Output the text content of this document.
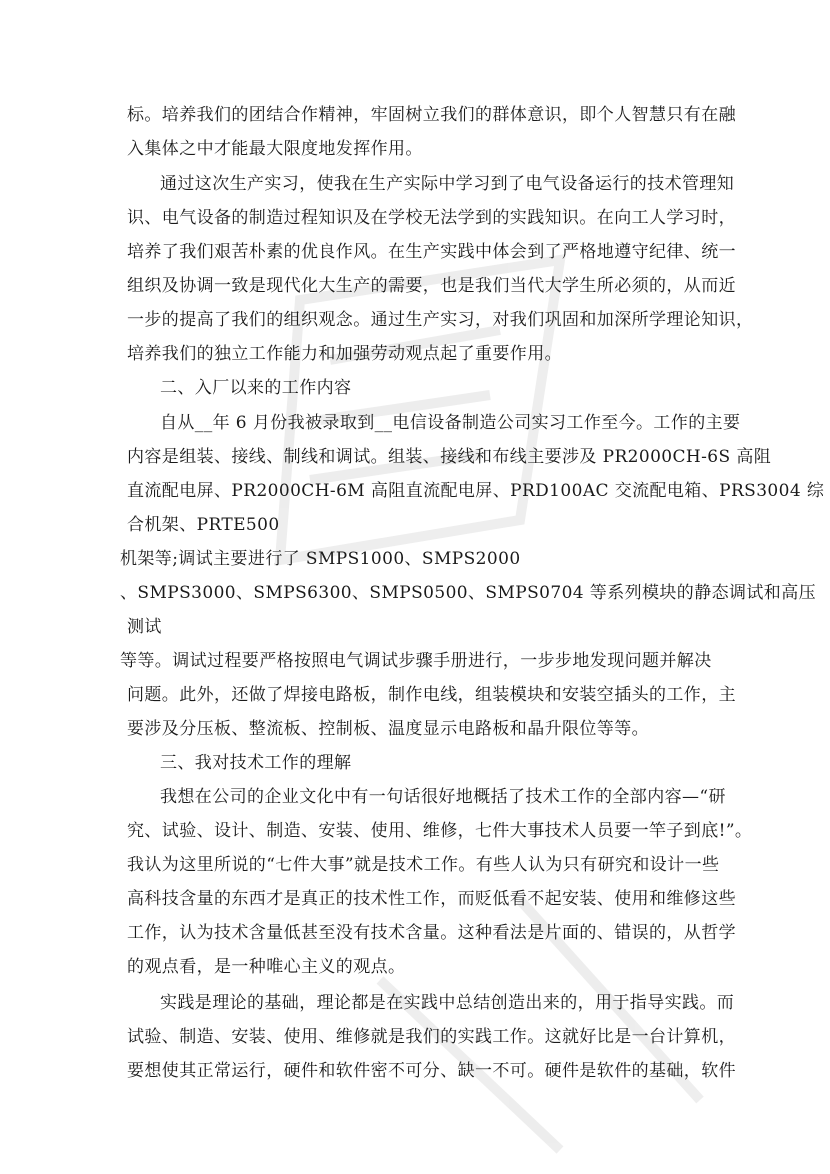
标。培养我们的团结合作精神，牢固树立我们的群体意识，即个人智慧只有在融
入集体之中才能最大限度地发挥作用。
通过这次生产实习，使我在生产实际中学习到了电气设备运行的技术管理知
识、电气设备的制造过程知识及在学校无法学到的实践知识。在向工人学习时，
培养了我们艰苦朴素的优良作风。在生产实践中体会到了严格地遵守纪律、统一
组织及协调一致是现代化大生产的需要，也是我们当代大学生所必须的，从而近
一步的提高了我们的组织观念。通过生产实习，对我们巩固和加深所学理论知识，
培养我们的独立工作能力和加强劳动观点起了重要作用。
二、入厂以来的工作内容
自从__年 6 月份我被录取到__电信设备制造公司实习工作至今。工作的主要
内容是组装、接线、制线和调试。组装、接线和布线主要涉及 PR2000CH-6S 高阻
直流配电屏、PR2000CH-6M 高阻直流配电屏、PRD100AC 交流配电箱、PRS3004 综
合机架、PRTE500
机架等;调试主要进行了 SMPS1000、SMPS2000
、SMPS3000、SMPS6300、SMPS0500、SMPS0704 等系列模块的静态调试和高压
测试
等等。调试过程要严格按照电气调试步骤手册进行，一步步地发现问题并解决
问题。此外，还做了焊接电路板，制作电线，组装模块和安装空插头的工作，主
要涉及分压板、整流板、控制板、温度显示电路板和晶升限位等等。
三、我对技术工作的理解
我想在公司的企业文化中有一句话很好地概括了技术工作的全部内容—“研
究、试验、设计、制造、安装、使用、维修，七件大事技术人员要一竿子到底!”。
我认为这里所说的“七件大事”就是技术工作。有些人认为只有研究和设计一些
高科技含量的东西才是真正的技术性工作，而贬低看不起安装、使用和维修这些
工作，认为技术含量低甚至没有技术含量。这种看法是片面的、错误的，从哲学
的观点看，是一种唯心主义的观点。
实践是理论的基础，理论都是在实践中总结创造出来的，用于指导实践。而
试验、制造、安装、使用、维修就是我们的实践工作。这就好比是一台计算机，
要想使其正常运行，硬件和软件密不可分、缺一不可。硬件是软件的基础，软件
